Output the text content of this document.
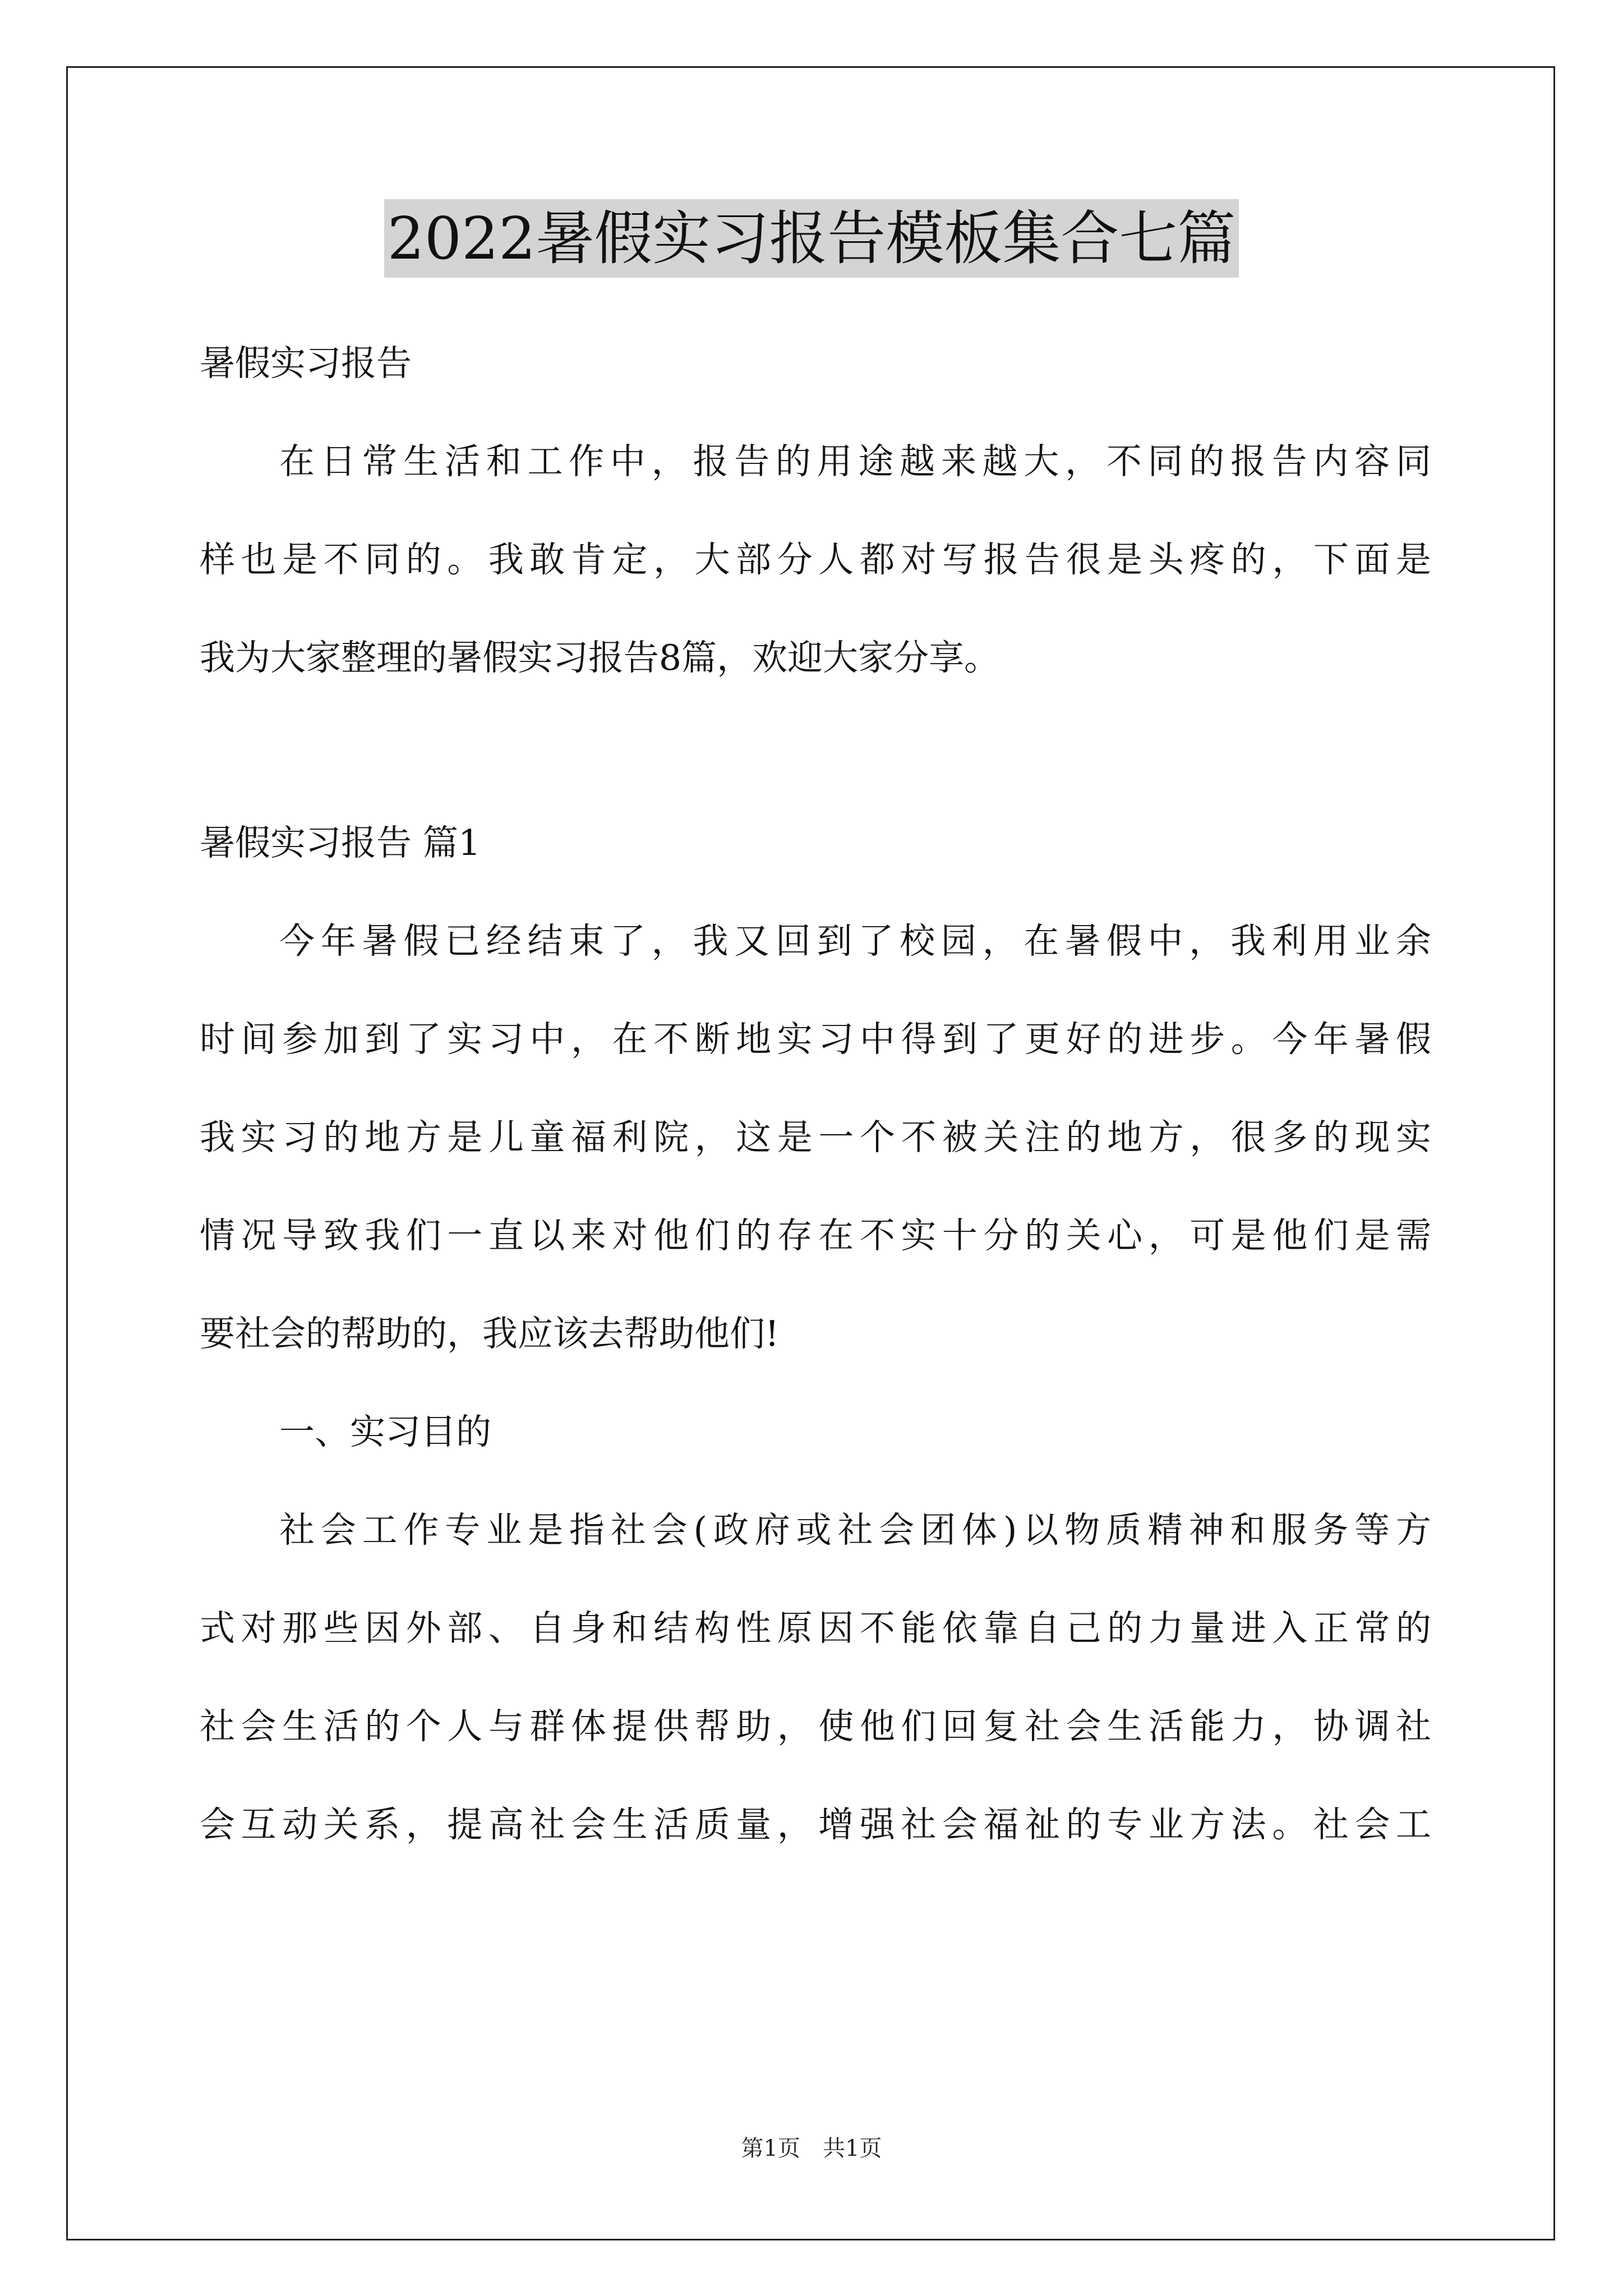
2022暑假实习报告模板集合七篇

暑假实习报告

在日常生活和工作中，报告的用途越来越大，不同的报告内容同

样也是不同的。我敢肯定，大部分人都对写报告很是头疼的，下面是

我为大家整理的暑假实习报告8篇，欢迎大家分享。

暑假实习报告 篇1

今年暑假已经结束了，我又回到了校园，在暑假中，我利用业余

时间参加到了实习中，在不断地实习中得到了更好的进步。今年暑假

我实习的地方是儿童福利院，这是一个不被关注的地方，很多的现实

情况导致我们一直以来对他们的存在不实十分的关心，可是他们是需

要社会的帮助的，我应该去帮助他们!

一、实习目的

社会工作专业是指社会(政府或社会团体)以物质精神和服务等方

式对那些因外部、自身和结构性原因不能依靠自己的力量进入正常的

社会生活的个人与群体提供帮助，使他们回复社会生活能力，协调社

会互动关系，提高社会生活质量，增强社会福祉的专业方法。社会工

第1页　共1页
